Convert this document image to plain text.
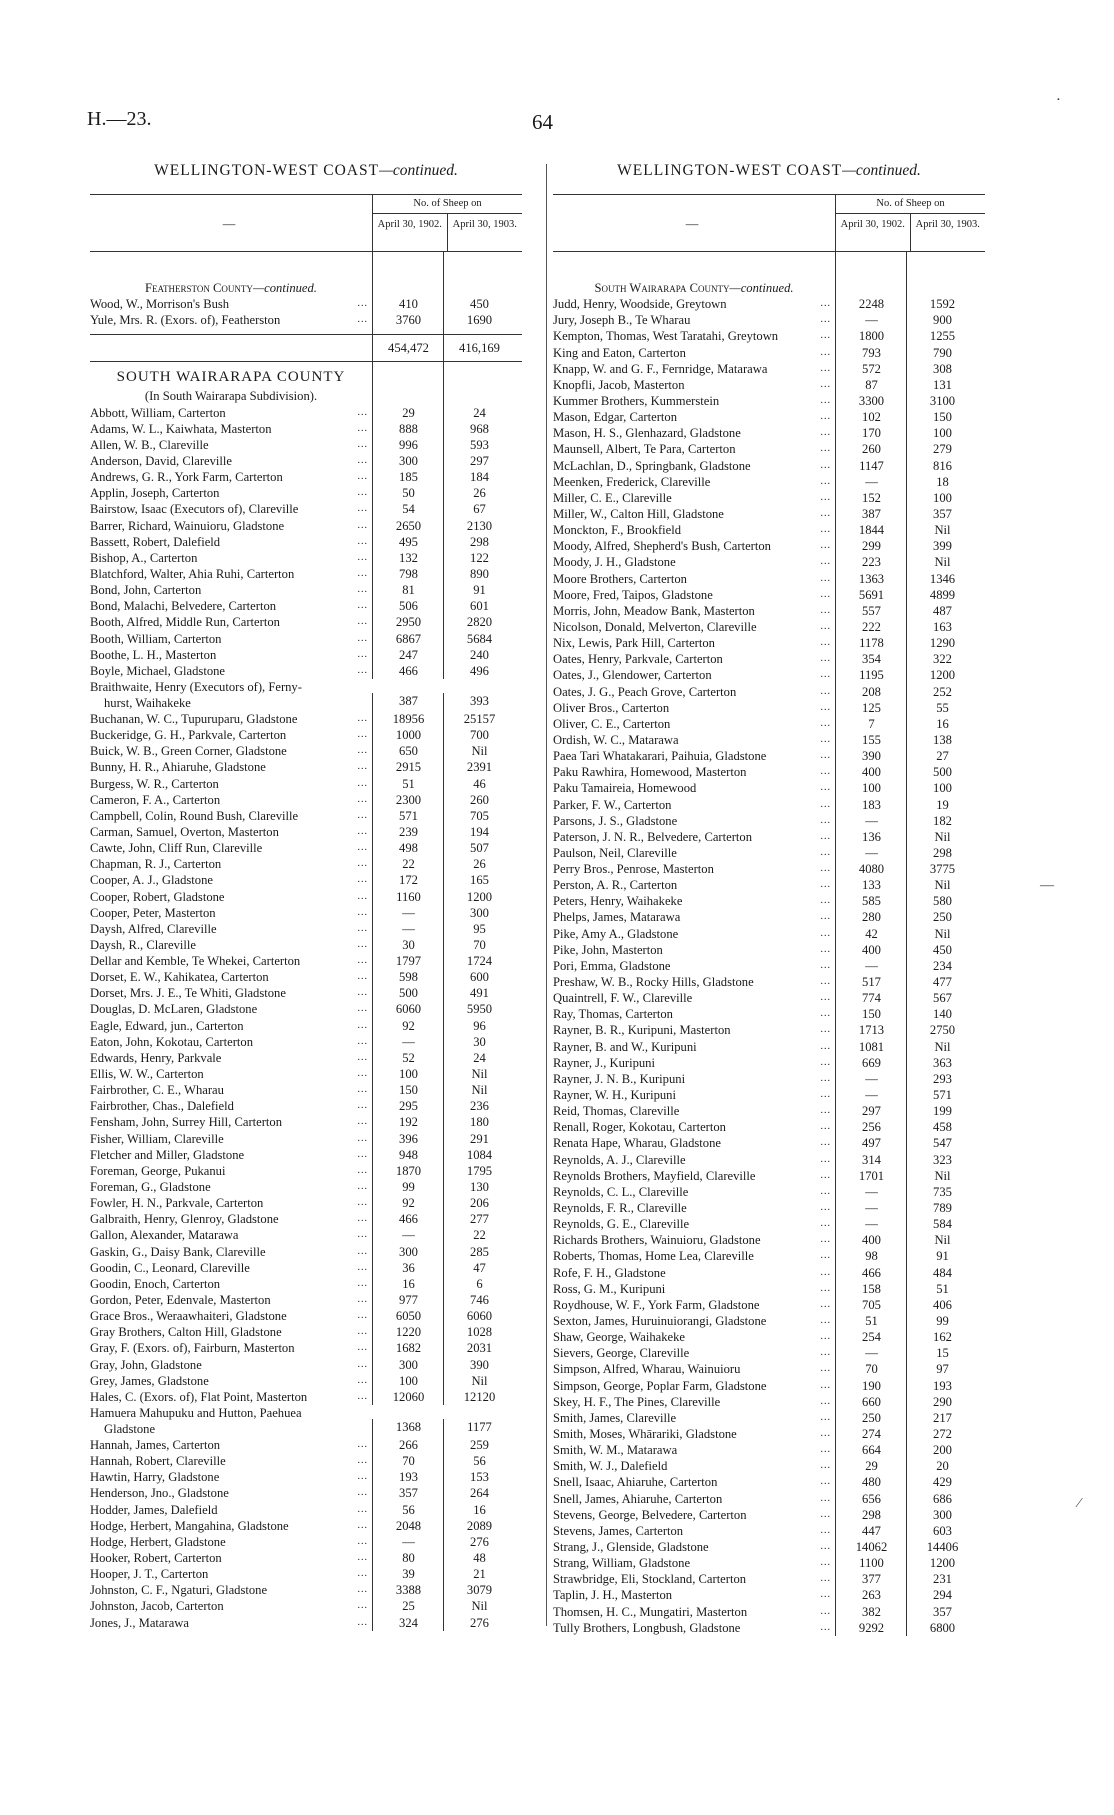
H.—23.	64
WELLINGTON-WEST COAST—continued.
—
No. of Sheep on
April 30, 1902.	April 30, 1903.
Featherston County—continued.
Wood, W., Morrison's Bush	...	410	450
Yule, Mrs. R. (Exors. of), Featherston	...	3760	1690
454,472	416,169
SOUTH WAIRARAPA COUNTY
(In South Wairarapa Subdivision).
Abbott, William, Carterton	...	29	24
Adams, W. L., Kaiwhata, Masterton	...	888	968
Allen, W. B., Clareville	...	996	593
Anderson, David, Clareville	...	300	297
Andrews, G. R., York Farm, Carterton	...	185	184
Applin, Joseph, Carterton	...	50	26
Bairstow, Isaac (Executors of), Clareville	...	54	67
Barrer, Richard, Wainuioru, Gladstone	...	2650	2130
Bassett, Robert, Dalefield	...	495	298
Bishop, A., Carterton	...	132	122
Blatchford, Walter, Ahia Ruhi, Carterton	...	798	890
Bond, John, Carterton	...	81	91
Bond, Malachi, Belvedere, Carterton	...	506	601
Booth, Alfred, Middle Run, Carterton	...	2950	2820
Booth, William, Carterton	...	6867	5684
Boothe, L. H., Masterton	...	247	240
Boyle, Michael, Gladstone	...	466	496
Braithwaite, Henry (Executors of), Ferny-
hurst, Waihakeke	387	393
Buchanan, W. C., Tupuruparu, Gladstone	...	18956	25157
Buckeridge, G. H., Parkvale, Carterton	...	1000	700
Buick, W. B., Green Corner, Gladstone	...	650	Nil
Bunny, H. R., Ahiaruhe, Gladstone	...	2915	2391
Burgess, W. R., Carterton	...	51	46
Cameron, F. A., Carterton	...	2300	260
Campbell, Colin, Round Bush, Clareville	...	571	705
Carman, Samuel, Overton, Masterton	...	239	194
Cawte, John, Cliff Run, Clareville	...	498	507
Chapman, R. J., Carterton	...	22	26
Cooper, A. J., Gladstone	...	172	165
Cooper, Robert, Gladstone	...	1160	1200
Cooper, Peter, Masterton	...	—	300
Daysh, Alfred, Clareville	...	—	95
Daysh, R., Clareville	...	30	70
Dellar and Kemble, Te Whekei, Carterton	...	1797	1724
Dorset, E. W., Kahikatea, Carterton	...	598	600
Dorset, Mrs. J. E., Te Whiti, Gladstone	...	500	491
Douglas, D. McLaren, Gladstone	...	6060	5950
Eagle, Edward, jun., Carterton	...	92	96
Eaton, John, Kokotau, Carterton	...	—	30
Edwards, Henry, Parkvale	...	52	24
Ellis, W. W., Carterton	...	100	Nil
Fairbrother, C. E., Wharau	...	150	Nil
Fairbrother, Chas., Dalefield	...	295	236
Fensham, John, Surrey Hill, Carterton	...	192	180
Fisher, William, Clareville	...	396	291
Fletcher and Miller, Gladstone	...	948	1084
Foreman, George, Pukanui	...	1870	1795
Foreman, G., Gladstone	...	99	130
Fowler, H. N., Parkvale, Carterton	...	92	206
Galbraith, Henry, Glenroy, Gladstone	...	466	277
Gallon, Alexander, Matarawa	...	—	22
Gaskin, G., Daisy Bank, Clareville	...	300	285
Goodin, C., Leonard, Clareville	...	36	47
Goodin, Enoch, Carterton	...	16	6
Gordon, Peter, Edenvale, Masterton	...	977	746
Grace Bros., Weraawhaiteri, Gladstone	...	6050	6060
Gray Brothers, Calton Hill, Gladstone	...	1220	1028
Gray, F. (Exors. of), Fairburn, Masterton	...	1682	2031
Gray, John, Gladstone	...	300	390
Grey, James, Gladstone	...	100	Nil
Hales, C. (Exors. of), Flat Point, Masterton	...	12060	12120
Hamuera Mahupuku and Hutton, Paehuea
Gladstone	1368	1177
Hannah, James, Carterton	...	266	259
Hannah, Robert, Clareville	...	70	56
Hawtin, Harry, Gladstone	...	193	153
Henderson, Jno., Gladstone	...	357	264
Hodder, James, Dalefield	...	56	16
Hodge, Herbert, Mangahina, Gladstone	...	2048	2089
Hodge, Herbert, Gladstone	...	—	276
Hooker, Robert, Carterton	...	80	48
Hooper, J. T., Carterton	...	39	21
Johnston, C. F., Ngaturi, Gladstone	...	3388	3079
Johnston, Jacob, Carterton	...	25	Nil
Jones, J., Matarawa	...	324	276
WELLINGTON-WEST COAST—continued.
—
No. of Sheep on
April 30, 1902.	April 30, 1903.
South Wairarapa County—continued.
Judd, Henry, Woodside, Greytown	...	2248	1592
Jury, Joseph B., Te Wharau	...	—	900
Kempton, Thomas, West Taratahi, Greytown	...	1800	1255
King and Eaton, Carterton	...	793	790
Knapp, W. and G. F., Fernridge, Matarawa	...	572	308
Knopfli, Jacob, Masterton	...	87	131
Kummer Brothers, Kummerstein	...	3300	3100
Mason, Edgar, Carterton	...	102	150
Mason, H. S., Glenhazard, Gladstone	...	170	100
Maunsell, Albert, Te Para, Carterton	...	260	279
McLachlan, D., Springbank, Gladstone	...	1147	816
Meenken, Frederick, Clareville	...	—	18
Miller, C. E., Clareville	...	152	100
Miller, W., Calton Hill, Gladstone	...	387	357
Monckton, F., Brookfield	...	1844	Nil
Moody, Alfred, Shepherd's Bush, Carterton	...	299	399
Moody, J. H., Gladstone	...	223	Nil
Moore Brothers, Carterton	...	1363	1346
Moore, Fred, Taipos, Gladstone	...	5691	4899
Morris, John, Meadow Bank, Masterton	...	557	487
Nicolson, Donald, Melverton, Clareville	...	222	163
Nix, Lewis, Park Hill, Carterton	...	1178	1290
Oates, Henry, Parkvale, Carterton	...	354	322
Oates, J., Glendower, Carterton	...	1195	1200
Oates, J. G., Peach Grove, Carterton	...	208	252
Oliver Bros., Carterton	...	125	55
Oliver, C. E., Carterton	...	7	16
Ordish, W. C., Matarawa	...	155	138
Paea Tari Whatakarari, Paihuia, Gladstone	...	390	27
Paku Rawhira, Homewood, Masterton	...	400	500
Paku Tamaireia, Homewood	...	100	100
Parker, F. W., Carterton	...	183	19
Parsons, J. S., Gladstone	...	—	182
Paterson, J. N. R., Belvedere, Carterton	...	136	Nil
Paulson, Neil, Clareville	...	—	298
Perry Bros., Penrose, Masterton	...	4080	3775
Perston, A. R., Carterton	...	133	Nil
Peters, Henry, Waihakeke	...	585	580
Phelps, James, Matarawa	...	280	250
Pike, Amy A., Gladstone	...	42	Nil
Pike, John, Masterton	...	400	450
Pori, Emma, Gladstone	...	—	234
Preshaw, W. B., Rocky Hills, Gladstone	...	517	477
Quaintrell, F. W., Clareville	...	774	567
Ray, Thomas, Carterton	...	150	140
Rayner, B. R., Kuripuni, Masterton	...	1713	2750
Rayner, B. and W., Kuripuni	...	1081	Nil
Rayner, J., Kuripuni	...	669	363
Rayner, J. N. B., Kuripuni	...	—	293
Rayner, W. H., Kuripuni	...	—	571
Reid, Thomas, Clareville	...	297	199
Renall, Roger, Kokotau, Carterton	...	256	458
Renata Hape, Wharau, Gladstone	...	497	547
Reynolds, A. J., Clareville	...	314	323
Reynolds Brothers, Mayfield, Clareville	...	1701	Nil
Reynolds, C. L., Clareville	...	—	735
Reynolds, F. R., Clareville	...	—	789
Reynolds, G. E., Clareville	...	—	584
Richards Brothers, Wainuioru, Gladstone	...	400	Nil
Roberts, Thomas, Home Lea, Clareville	...	98	91
Rofe, F. H., Gladstone	...	466	484
Ross, G. M., Kuripuni	...	158	51
Roydhouse, W. F., York Farm, Gladstone	...	705	406
Sexton, James, Huruinuiorangi, Gladstone	...	51	99
Shaw, George, Waihakeke	...	254	162
Sievers, George, Clareville	...	—	15
Simpson, Alfred, Wharau, Wainuioru	...	70	97
Simpson, George, Poplar Farm, Gladstone	...	190	193
Skey, H. F., The Pines, Clareville	...	660	290
Smith, James, Clareville	...	250	217
Smith, Moses, Whārariki, Gladstone	...	274	272
Smith, W. M., Matarawa	...	664	200
Smith, W. J., Dalefield	...	29	20
Snell, Isaac, Ahiaruhe, Carterton	...	480	429
Snell, James, Ahiaruhe, Carterton	...	656	686
Stevens, George, Belvedere, Carterton	...	298	300
Stevens, James, Carterton	...	447	603
Strang, J., Glenside, Gladstone	...	14062	14406
Strang, William, Gladstone	...	1100	1200
Strawbridge, Eli, Stockland, Carterton	...	377	231
Taplin, J. H., Masterton	...	263	294
Thomsen, H. C., Mungatiri, Masterton	...	382	357
Tully Brothers, Longbush, Gladstone	...	9292	6800
⋅
—
⁄
